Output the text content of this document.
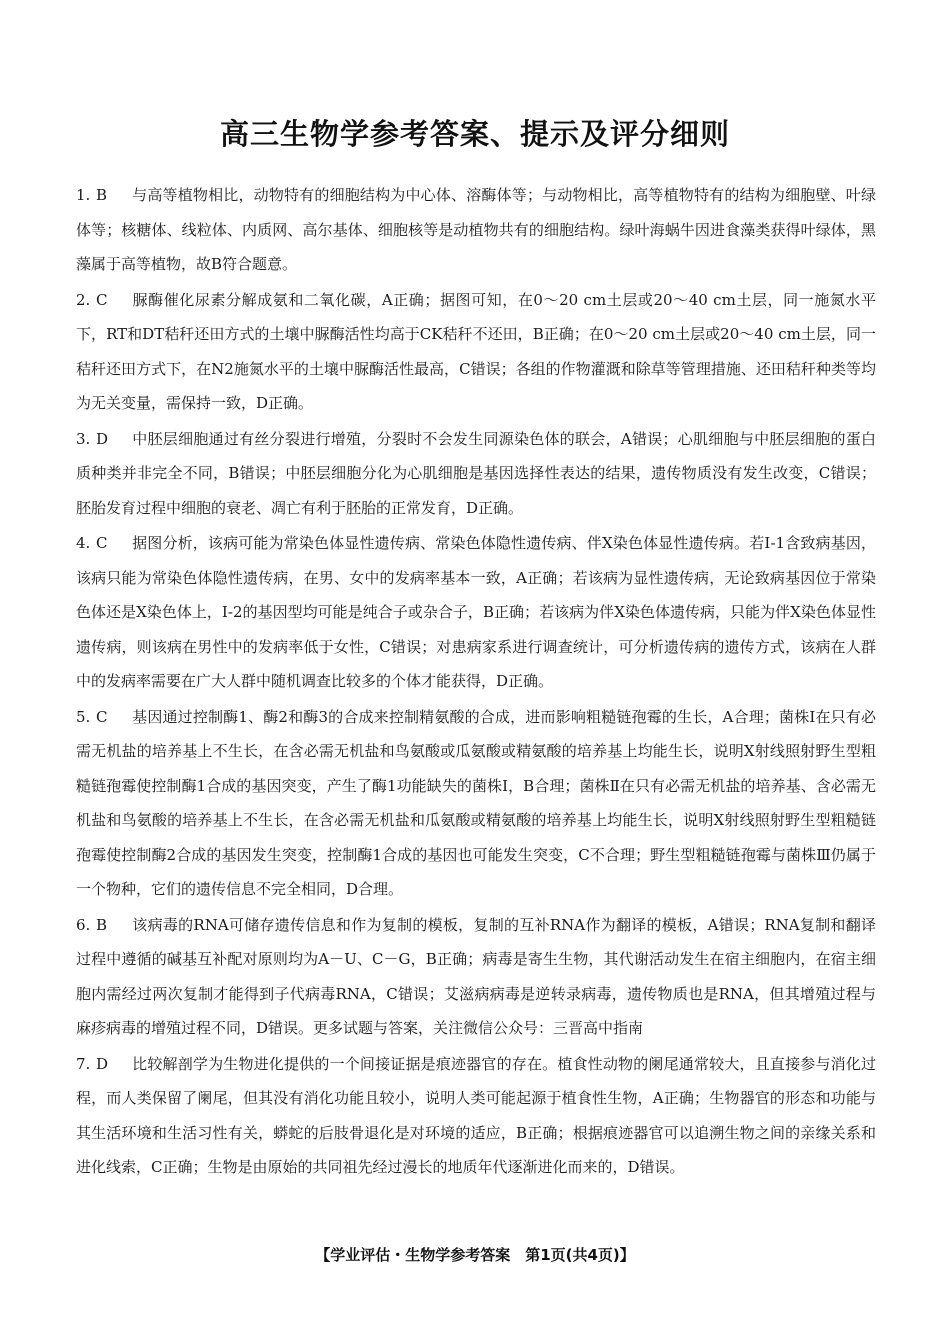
高三生物学参考答案、提示及评分细则

1. B 与高等植物相比，动物特有的细胞结构为中心体、溶酶体等；与动物相比，高等植物特有的结构为细胞壁、叶绿体等；核糖体、线粒体、内质网、高尔基体、细胞核等是动植物共有的细胞结构。绿叶海蜗牛因进食藻类获得叶绿体，黑藻属于高等植物，故B符合题意。

2. C 脲酶催化尿素分解成氨和二氧化碳，A正确；据图可知，在0～20 cm土层或20～40 cm土层，同一施氮水平下，RT和DT秸秆还田方式的土壤中脲酶活性均高于CK秸秆不还田，B正确；在0～20 cm土层或20～40 cm土层，同一秸秆还田方式下，在N2施氮水平的土壤中脲酶活性最高，C错误；各组的作物灌溉和除草等管理措施、还田秸秆种类等均为无关变量，需保持一致，D正确。

3. D 中胚层细胞通过有丝分裂进行增殖，分裂时不会发生同源染色体的联会，A错误；心肌细胞与中胚层细胞的蛋白质种类并非完全不同，B错误；中胚层细胞分化为心肌细胞是基因选择性表达的结果，遗传物质没有发生改变，C错误；胚胎发育过程中细胞的衰老、凋亡有利于胚胎的正常发育，D正确。

4. C 据图分析，该病可能为常染色体显性遗传病、常染色体隐性遗传病、伴X染色体显性遗传病。若Ⅰ-1含致病基因，该病只能为常染色体隐性遗传病，在男、女中的发病率基本一致，A正确；若该病为显性遗传病，无论致病基因位于常染色体还是X染色体上，Ⅰ-2的基因型均可能是纯合子或杂合子，B正确；若该病为伴X染色体遗传病，只能为伴X染色体显性遗传病，则该病在男性中的发病率低于女性，C错误；对患病家系进行调查统计，可分析遗传病的遗传方式，该病在人群中的发病率需要在广大人群中随机调查比较多的个体才能获得，D正确。

5. C 基因通过控制酶1、酶2和酶3的合成来控制精氨酸的合成，进而影响粗糙链孢霉的生长，A合理；菌株Ⅰ在只有必需无机盐的培养基上不生长，在含必需无机盐和鸟氨酸或瓜氨酸或精氨酸的培养基上均能生长，说明X射线照射野生型粗糙链孢霉使控制酶1合成的基因突变，产生了酶1功能缺失的菌株Ⅰ，B合理；菌株Ⅱ在只有必需无机盐的培养基、含必需无机盐和鸟氨酸的培养基上不生长，在含必需无机盐和瓜氨酸或精氨酸的培养基上均能生长，说明X射线照射野生型粗糙链孢霉使控制酶2合成的基因发生突变，控制酶1合成的基因也可能发生突变，C不合理；野生型粗糙链孢霉与菌株Ⅲ仍属于一个物种，它们的遗传信息不完全相同，D合理。

6. B 该病毒的RNA可储存遗传信息和作为复制的模板，复制的互补RNA作为翻译的模板，A错误；RNA复制和翻译过程中遵循的碱基互补配对原则均为A－U、C－G，B正确；病毒是寄生生物，其代谢活动发生在宿主细胞内，在宿主细胞内需经过两次复制才能得到子代病毒RNA，C错误；艾滋病病毒是逆转录病毒，遗传物质也是RNA，但其增殖过程与麻疹病毒的增殖过程不同，D错误。更多试题与答案，关注微信公众号：三晋高中指南

7. D 比较解剖学为生物进化提供的一个间接证据是痕迹器官的存在。植食性动物的阑尾通常较大，且直接参与消化过程，而人类保留了阑尾，但其没有消化功能且较小，说明人类可能起源于植食性生物，A正确；生物器官的形态和功能与其生活环境和生活习性有关，蟒蛇的后肢骨退化是对环境的适应，B正确；根据痕迹器官可以追溯生物之间的亲缘关系和进化线索，C正确；生物是由原始的共同祖先经过漫长的地质年代逐渐进化而来的，D错误。

【学业评估・生物学参考答案　第1页(共4页)】
